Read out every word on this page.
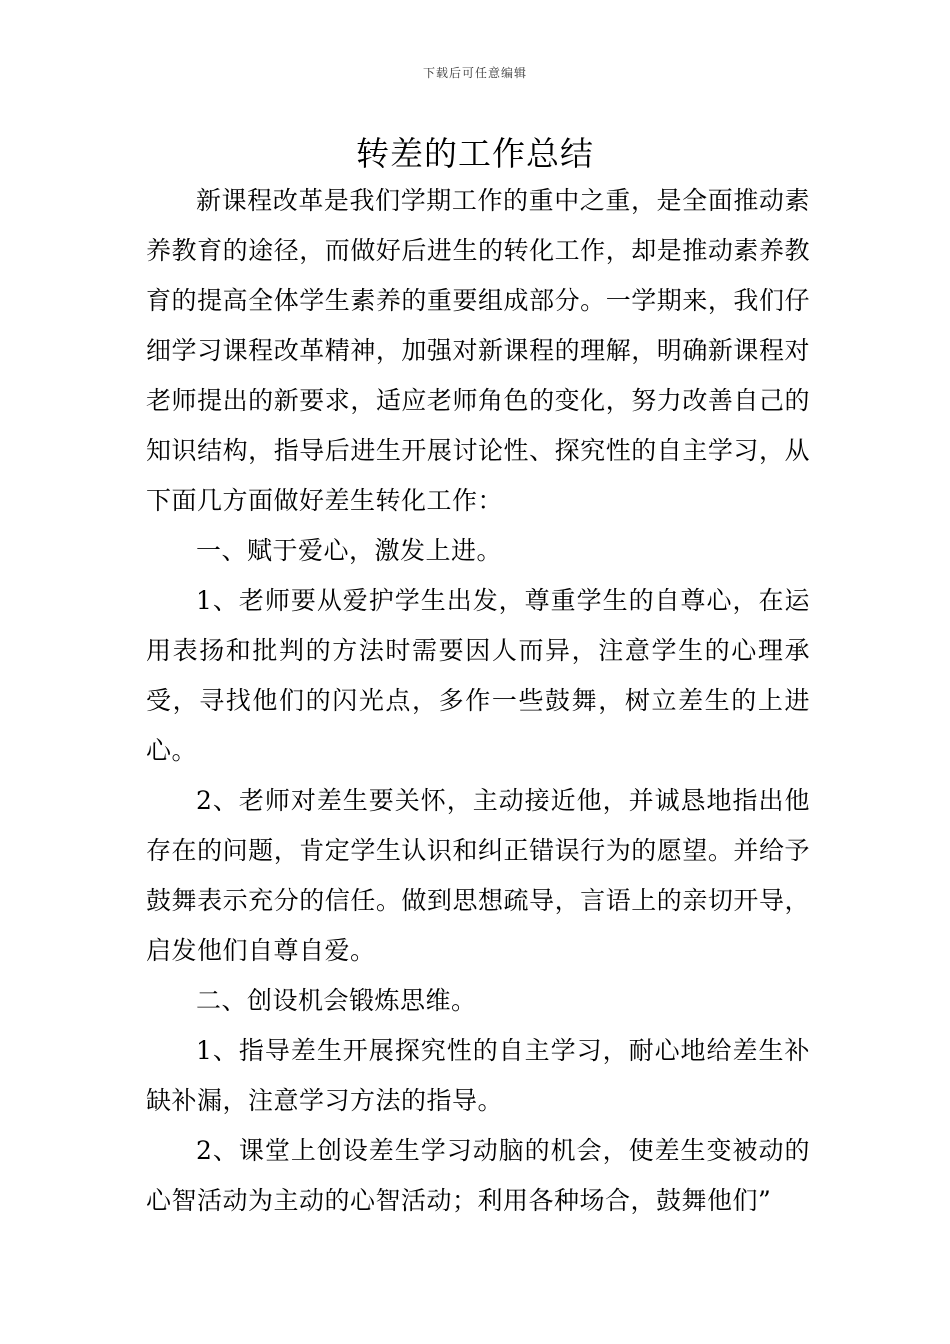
下载后可任意编辑
转差的工作总结

新课程改革是我们学期工作的重中之重，是全面推动素养教育的途径，而做好后进生的转化工作，却是推动素养教育的提高全体学生素养的重要组成部分。一学期来，我们仔细学习课程改革精神，加强对新课程的理解，明确新课程对老师提出的新要求，适应老师角色的变化，努力改善自己的知识结构，指导后进生开展讨论性、探究性的自主学习，从下面几方面做好差生转化工作：

一、赋于爱心，激发上进。

1、老师要从爱护学生出发，尊重学生的自尊心，在运用表扬和批判的方法时需要因人而异，注意学生的心理承受，寻找他们的闪光点，多作一些鼓舞，树立差生的上进心。

2、老师对差生要关怀，主动接近他，并诚恳地指出他存在的问题，肯定学生认识和纠正错误行为的愿望。并给予鼓舞表示充分的信任。做到思想疏导，言语上的亲切开导，启发他们自尊自爱。

二、创设机会锻炼思维。

1、指导差生开展探究性的自主学习，耐心地给差生补缺补漏，注意学习方法的指导。

2、课堂上创设差生学习动脑的机会，使差生变被动的心智活动为主动的心智活动；利用各种场合，鼓舞他们”
